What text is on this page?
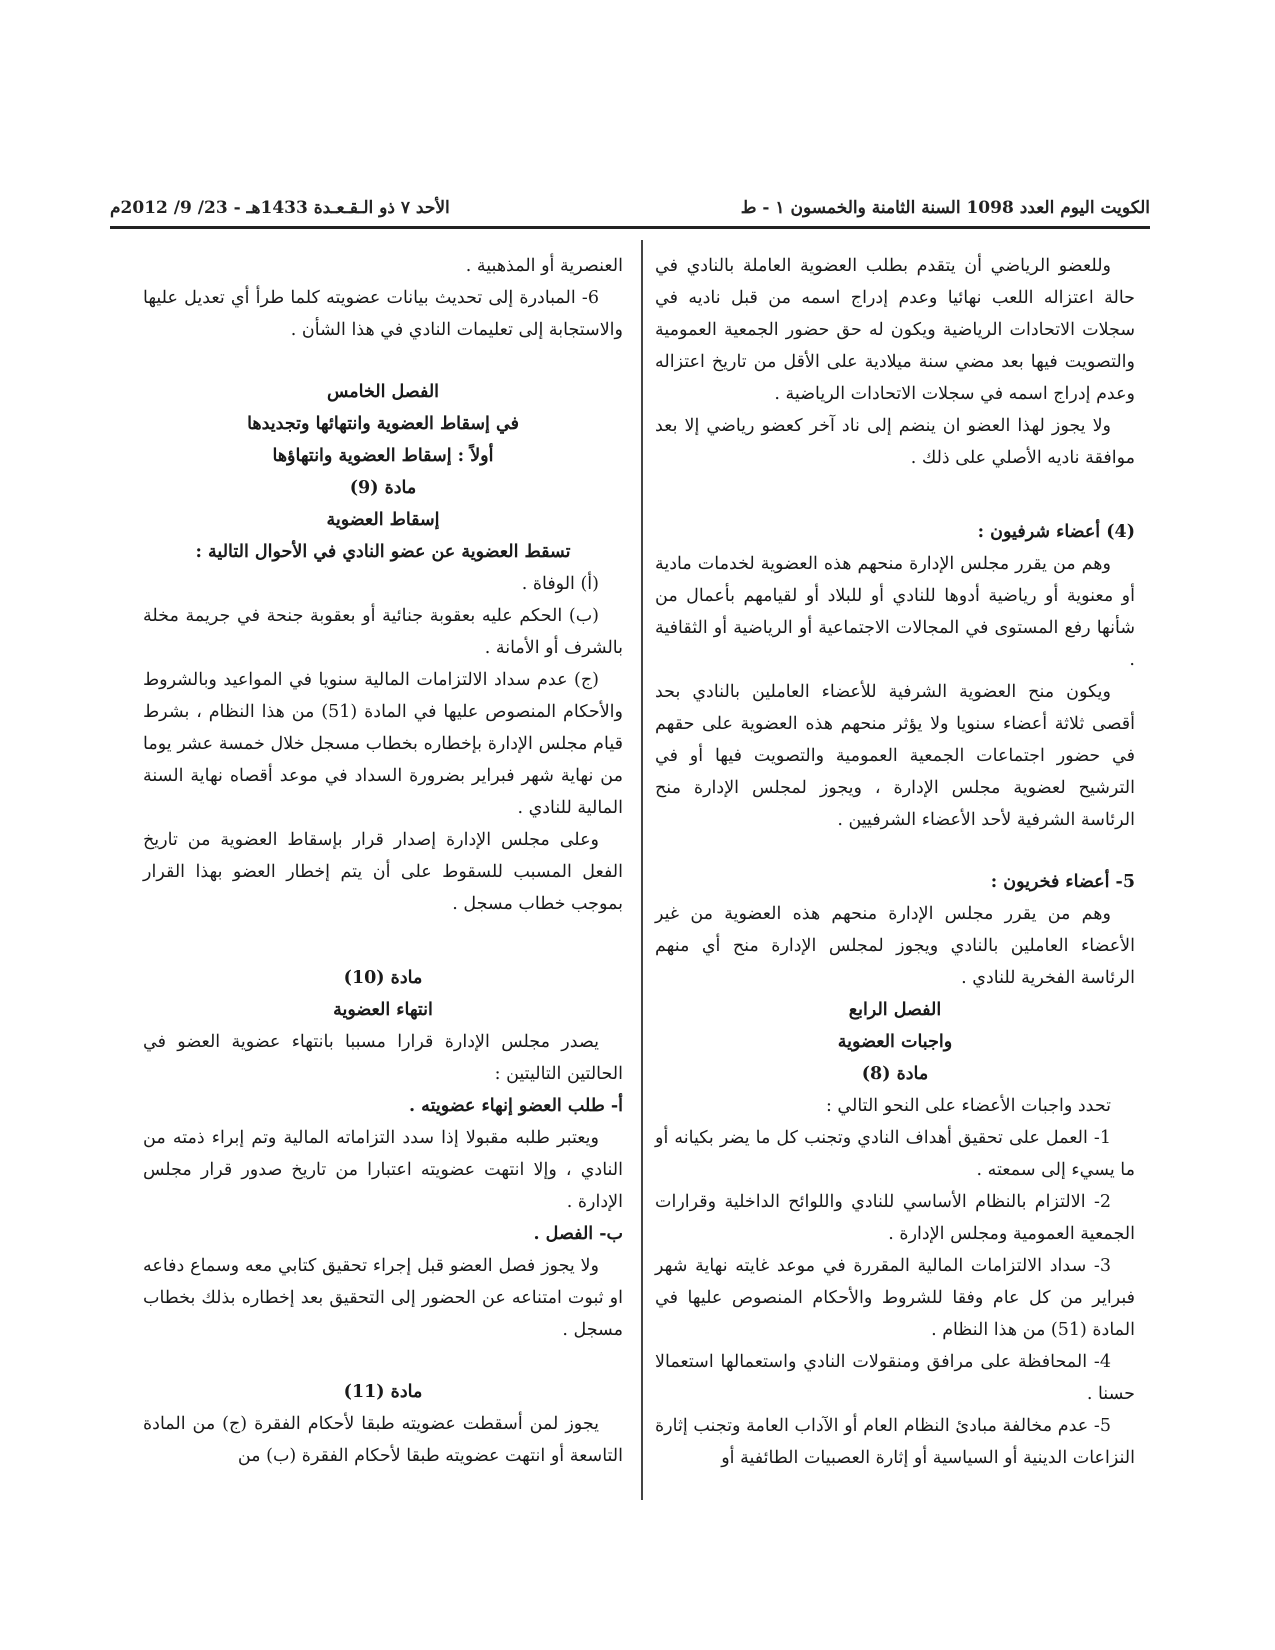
الكويت اليوم العدد 1098 السنة الثامنة والخمسون ١ - ط
الأحد ٧ ذو الـقـعـدة 1433هـ - 23/ 9/ 2012م

وللعضو الرياضي أن يتقدم بطلب العضوية العاملة بالنادي في حالة اعتزاله اللعب نهائيا وعدم إدراج اسمه من قبل ناديه في سجلات الاتحادات الرياضية ويكون له حق حضور الجمعية العمومية والتصويت فيها بعد مضي سنة ميلادية على الأقل من تاريخ اعتزاله وعدم إدراج اسمه في سجلات الاتحادات الرياضية .

ولا يجوز لهذا العضو ان ينضم إلى ناد آخر كعضو رياضي إلا بعد موافقة ناديه الأصلي على ذلك .

(4) أعضاء شرفيون :

وهم من يقرر مجلس الإدارة منحهم هذه العضوية لخدمات مادية أو معنوية أو رياضية أدوها للنادي أو للبلاد أو لقيامهم بأعمال من شأنها رفع المستوى في المجالات الاجتماعية أو الرياضية أو الثقافية .

ويكون منح العضوية الشرفية للأعضاء العاملين بالنادي بحد أقصى ثلاثة أعضاء سنويا ولا يؤثر منحهم هذه العضوية على حقهم في حضور اجتماعات الجمعية العمومية والتصويت فيها أو في الترشيح لعضوية مجلس الإدارة ، ويجوز لمجلس الإدارة منح الرئاسة الشرفية لأحد الأعضاء الشرفيين .

5- أعضاء فخريون :

وهم من يقرر مجلس الإدارة منحهم هذه العضوية من غير الأعضاء العاملين بالنادي ويجوز لمجلس الإدارة منح أي منهم الرئاسة الفخرية للنادي .

الفصل الرابع

واجبات العضوية

مادة (8)

تحدد واجبات الأعضاء على النحو التالي :

1- العمل على تحقيق أهداف النادي وتجنب كل ما يضر بكيانه أو ما يسيء إلى سمعته .

2- الالتزام بالنظام الأساسي للنادي واللوائح الداخلية وقرارات الجمعية العمومية ومجلس الإدارة .

3- سداد الالتزامات المالية المقررة في موعد غايته نهاية شهر فبراير من كل عام وفقا للشروط والأحكام المنصوص عليها في المادة (51) من هذا النظام .

4- المحافظة على مرافق ومنقولات النادي واستعمالها استعمالا حسنا .

5- عدم مخالفة مبادئ النظام العام أو الآداب العامة وتجنب إثارة النزاعات الدينية أو السياسية أو إثارة العصبيات الطائفية أو

العنصرية أو المذهبية .

6- المبادرة إلى تحديث بيانات عضويته كلما طرأ أي تعديل عليها والاستجابة إلى تعليمات النادي في هذا الشأن .

الفصل الخامس

في إسقاط العضوية وانتهائها وتجديدها

أولاً : إسقاط العضوية وانتهاؤها

مادة (9)

إسقاط العضوية

تسقط العضوية عن عضو النادي في الأحوال التالية :

(أ) الوفاة .

(ب) الحكم عليه بعقوبة جنائية أو بعقوبة جنحة في جريمة مخلة بالشرف أو الأمانة .

(ج) عدم سداد الالتزامات المالية سنويا في المواعيد وبالشروط والأحكام المنصوص عليها في المادة (51) من هذا النظام ، بشرط قيام مجلس الإدارة بإخطاره بخطاب مسجل خلال خمسة عشر يوما من نهاية شهر فبراير بضرورة السداد في موعد أقصاه نهاية السنة المالية للنادي .

وعلى مجلس الإدارة إصدار قرار بإسقاط العضوية من تاريخ الفعل المسبب للسقوط على أن يتم إخطار العضو بهذا القرار بموجب خطاب مسجل .

مادة (10)

انتهاء العضوية

يصدر مجلس الإدارة قرارا مسببا بانتهاء عضوية العضو في الحالتين التاليتين :

أ- طلب العضو إنهاء عضويته .

ويعتبر طلبه مقبولا إذا سدد التزاماته المالية وتم إبراء ذمته من النادي ، وإلا انتهت عضويته اعتبارا من تاريخ صدور قرار مجلس الإدارة .

ب- الفصل .

ولا يجوز فصل العضو قبل إجراء تحقيق كتابي معه وسماع دفاعه او ثبوت امتناعه عن الحضور إلى التحقيق بعد إخطاره بذلك بخطاب مسجل .

مادة (11)

يجوز لمن أسقطت عضويته طبقا لأحكام الفقرة (ج) من المادة التاسعة أو انتهت عضويته طبقا لأحكام الفقرة (ب) من
